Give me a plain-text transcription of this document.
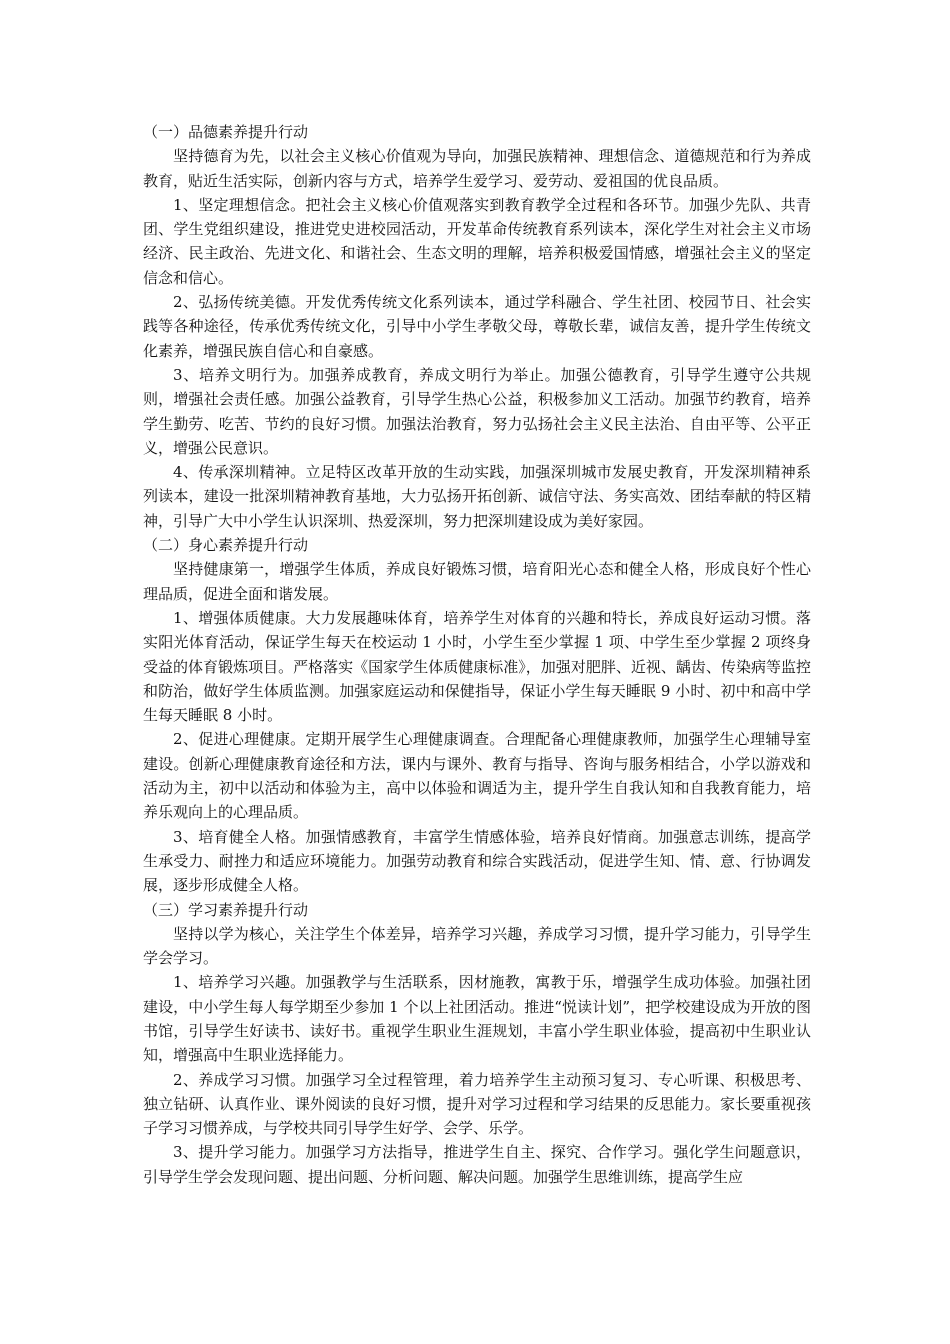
（一）品德素养提升行动

坚持德育为先，以社会主义核心价值观为导向，加强民族精神、理想信念、道德规范和行为养成教育，贴近生活实际，创新内容与方式，培养学生爱学习、爱劳动、爱祖国的优良品质。

1、坚定理想信念。把社会主义核心价值观落实到教育教学全过程和各环节。加强少先队、共青团、学生党组织建设，推进党史进校园活动，开发革命传统教育系列读本，深化学生对社会主义市场经济、民主政治、先进文化、和谐社会、生态文明的理解，培养积极爱国情感，增强社会主义的坚定信念和信心。

2、弘扬传统美德。开发优秀传统文化系列读本，通过学科融合、学生社团、校园节日、社会实践等各种途径，传承优秀传统文化，引导中小学生孝敬父母，尊敬长辈，诚信友善，提升学生传统文化素养，增强民族自信心和自豪感。

3、培养文明行为。加强养成教育，养成文明行为举止。加强公德教育，引导学生遵守公共规则，增强社会责任感。加强公益教育，引导学生热心公益，积极参加义工活动。加强节约教育，培养学生勤劳、吃苦、节约的良好习惯。加强法治教育，努力弘扬社会主义民主法治、自由平等、公平正义，增强公民意识。

4、传承深圳精神。立足特区改革开放的生动实践，加强深圳城市发展史教育，开发深圳精神系列读本，建设一批深圳精神教育基地，大力弘扬开拓创新、诚信守法、务实高效、团结奉献的特区精神，引导广大中小学生认识深圳、热爱深圳，努力把深圳建设成为美好家园。

（二）身心素养提升行动

坚持健康第一，增强学生体质，养成良好锻炼习惯，培育阳光心态和健全人格，形成良好个性心理品质，促进全面和谐发展。

1、增强体质健康。大力发展趣味体育，培养学生对体育的兴趣和特长，养成良好运动习惯。落实阳光体育活动，保证学生每天在校运动 1 小时，小学生至少掌握 1 项、中学生至少掌握 2 项终身受益的体育锻炼项目。严格落实《国家学生体质健康标准》，加强对肥胖、近视、龋齿、传染病等监控和防治，做好学生体质监测。加强家庭运动和保健指导，保证小学生每天睡眠 9 小时、初中和高中学生每天睡眠 8 小时。

2、促进心理健康。定期开展学生心理健康调查。合理配备心理健康教师，加强学生心理辅导室建设。创新心理健康教育途径和方法，课内与课外、教育与指导、咨询与服务相结合，小学以游戏和活动为主，初中以活动和体验为主，高中以体验和调适为主，提升学生自我认知和自我教育能力，培养乐观向上的心理品质。

3、培育健全人格。加强情感教育，丰富学生情感体验，培养良好情商。加强意志训练，提高学生承受力、耐挫力和适应环境能力。加强劳动教育和综合实践活动，促进学生知、情、意、行协调发展，逐步形成健全人格。

（三）学习素养提升行动

坚持以学为核心，关注学生个体差异，培养学习兴趣，养成学习习惯，提升学习能力，引导学生学会学习。

1、培养学习兴趣。加强教学与生活联系，因材施教，寓教于乐，增强学生成功体验。加强社团建设，中小学生每人每学期至少参加 1 个以上社团活动。推进“悦读计划”，把学校建设成为开放的图书馆，引导学生好读书、读好书。重视学生职业生涯规划，丰富小学生职业体验，提高初中生职业认知，增强高中生职业选择能力。

2、养成学习习惯。加强学习全过程管理，着力培养学生主动预习复习、专心听课、积极思考、独立钻研、认真作业、课外阅读的良好习惯，提升对学习过程和学习结果的反思能力。家长要重视孩子学习习惯养成，与学校共同引导学生好学、会学、乐学。

3、提升学习能力。加强学习方法指导，推进学生自主、探究、合作学习。强化学生问题意识，引导学生学会发现问题、提出问题、分析问题、解决问题。加强学生思维训练，提高学生应
